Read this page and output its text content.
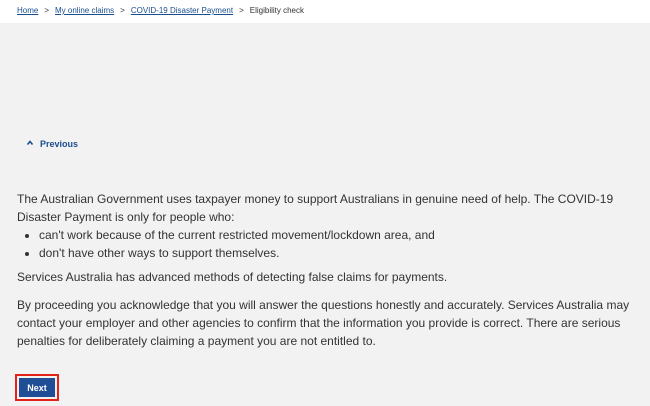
Home > My online claims > COVID-19 Disaster Payment > Eligibility check
Previous

The Australian Government uses taxpayer money to support Australians in genuine need of help. The COVID-19 Disaster Payment is only for people who:

• can't work because of the current restricted movement/lockdown area, and
• don't have other ways to support themselves.

Services Australia has advanced methods of detecting false claims for payments.

By proceeding you acknowledge that you will answer the questions honestly and accurately. Services Australia may contact your employer and other agencies to confirm that the information you provide is correct. There are serious penalties for deliberately claiming a payment you are not entitled to.

Next
